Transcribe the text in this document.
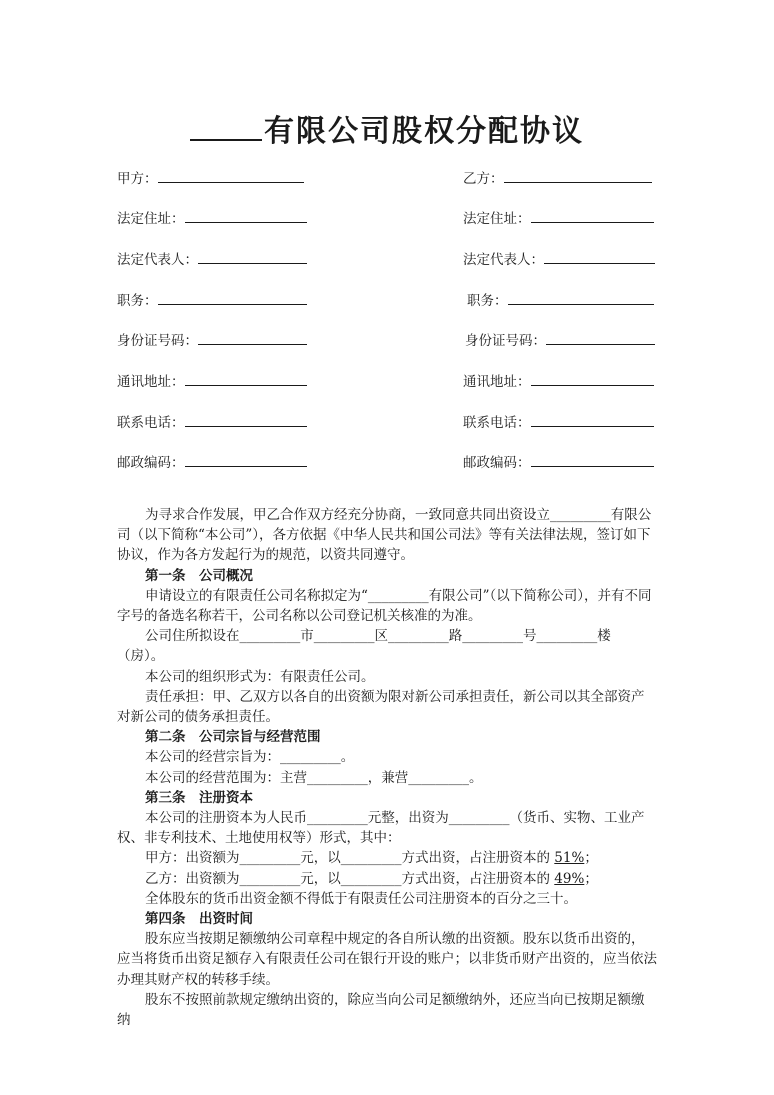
有限公司股权分配协议
甲方：	乙方：
法定住址：	法定住址：
法定代表人：	法定代表人：
职务：	职务：
身份证号码：	身份证号码：
通讯地址：	通讯地址：
联系电话：	联系电话：
邮政编码：	邮政编码：

为寻求合作发展，甲乙合作双方经充分协商，一致同意共同出资设立_________有限公司（以下简称“本公司”），各方依据《中华人民共和国公司法》等有关法律法规，签订如下协议，作为各方发起行为的规范，以资共同遵守。

第一条　公司概况

申请设立的有限责任公司名称拟定为“_________有限公司”（以下简称公司），并有不同字号的备选名称若干，公司名称以公司登记机关核准的为准。

公司住所拟设在_________市_________区_________路_________号_________楼（房）。

本公司的组织形式为：有限责任公司。

责任承担：甲、乙双方以各自的出资额为限对新公司承担责任，新公司以其全部资产对新公司的债务承担责任。

第二条　公司宗旨与经营范围

本公司的经营宗旨为：_________。

本公司的经营范围为：主营_________，兼营_________。

第三条　注册资本

本公司的注册资本为人民币_________元整，出资为_________（货币、实物、工业产权、非专利技术、土地使用权等）形式，其中：

甲方：出资额为_________元，以_________方式出资，占注册资本的 51%；

乙方：出资额为_________元，以_________方式出资，占注册资本的 49%；

全体股东的货币出资金额不得低于有限责任公司注册资本的百分之三十。

第四条　出资时间

股东应当按期足额缴纳公司章程中规定的各自所认缴的出资额。股东以货币出资的，应当将货币出资足额存入有限责任公司在银行开设的账户；以非货币财产出资的，应当依法办理其财产权的转移手续。

股东不按照前款规定缴纳出资的，除应当向公司足额缴纳外，还应当向已按期足额缴纳
